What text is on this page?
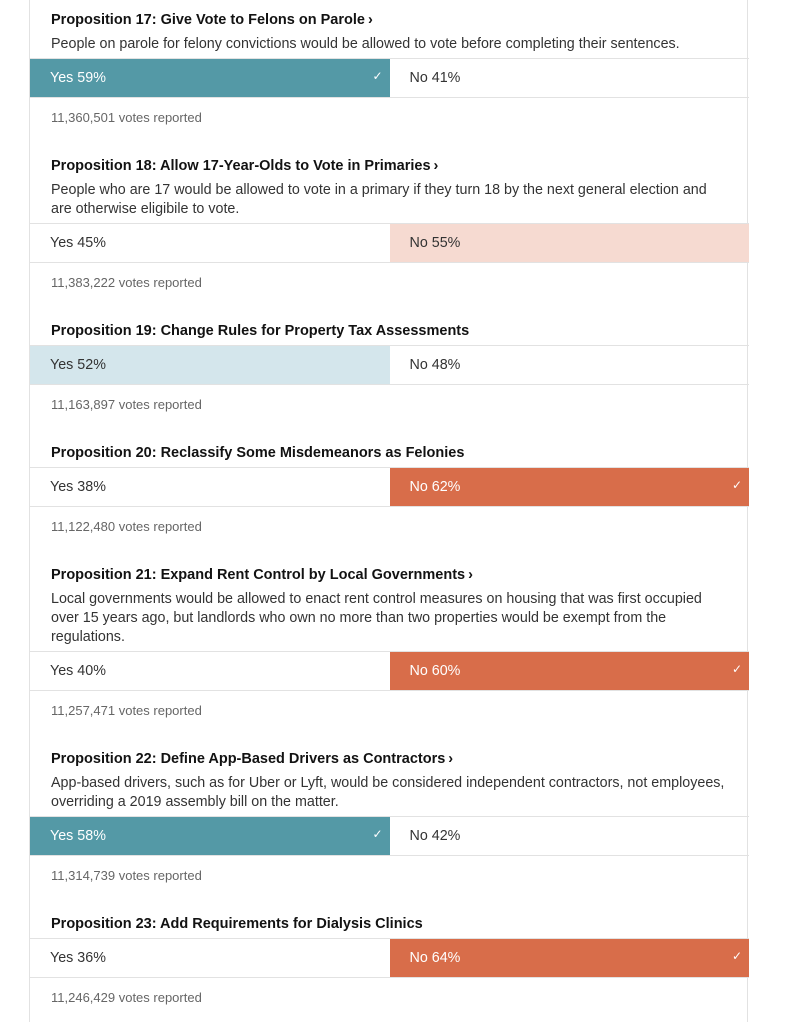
Proposition 17: Give Vote to Felons on Parole ›
People on parole for felony convictions would be allowed to vote before completing their sentences.
Yes 59%	✓ No 41%
11,360,501 votes reported
Proposition 18: Allow 17-Year-Olds to Vote in Primaries ›
People who are 17 would be allowed to vote in a primary if they turn 18 by the next general election and are otherwise eligibile to vote.
Yes 45%	No 55%
11,383,222 votes reported
Proposition 19: Change Rules for Property Tax Assessments
Yes 52%	No 48%
11,163,897 votes reported
Proposition 20: Reclassify Some Misdemeanors as Felonies
Yes 38%	No 62%	✓
11,122,480 votes reported
Proposition 21: Expand Rent Control by Local Governments ›
Local governments would be allowed to enact rent control measures on housing that was first occupied over 15 years ago, but landlords who own no more than two properties would be exempt from the regulations.
Yes 40%	No 60%	✓
11,257,471 votes reported
Proposition 22: Define App-Based Drivers as Contractors ›
App-based drivers, such as for Uber or Lyft, would be considered independent contractors, not employees, overriding a 2019 assembly bill on the matter.
Yes 58%	✓ No 42%
11,314,739 votes reported
Proposition 23: Add Requirements for Dialysis Clinics
Yes 36%	No 64%	✓
11,246,429 votes reported
